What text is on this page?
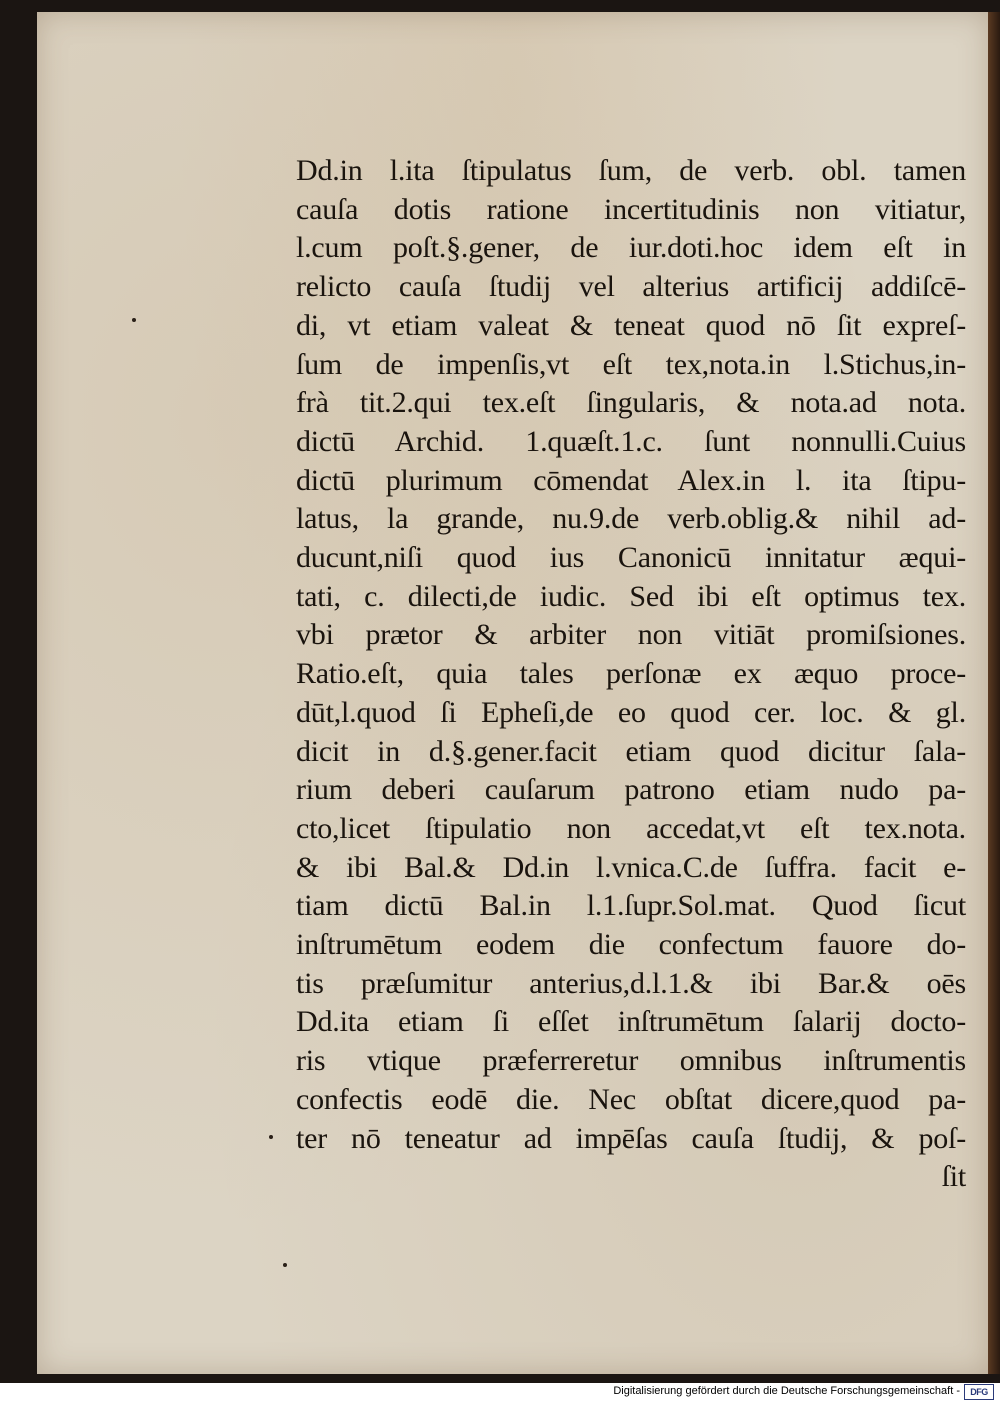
Dd.in l.ita ſtipulatus ſum, de verb. obl. tamen
cauſa dotis ratione incertitudinis non vitiatur,
l.cum poſt.§.gener, de iur.doti.hoc idem eſt in
relicto cauſa ſtudij vel alterius artificij addiſcē-
di, vt etiam valeat & teneat quod nō ſit expreſ-
ſum de impenſis,vt eſt tex,nota.in l.Stichus,in-
frà tit.2.qui tex.eſt ſingularis, & nota.ad nota.
dictū Archid. 1.quæſt.1.c. ſunt nonnulli.Cuius
dictū plurimum cōmendat Alex.in l. ita ſtipu-
latus, la grande, nu.9.de verb.oblig.& nihil ad-
ducunt,niſi quod ius Canonicū innitatur æqui-
tati, c. dilecti,de iudic. Sed ibi eſt optimus tex.
vbi prætor & arbiter non vitiāt promiſsiones.
Ratio.eſt, quia tales perſonæ ex æquo proce-
dūt,l.quod ſi Epheſi,de eo quod cer. loc. & gl.
dicit in d.§.gener.facit etiam quod dicitur ſala-
rium deberi cauſarum patrono etiam nudo pa-
cto,licet ſtipulatio non accedat,vt eſt tex.nota.
& ibi Bal.& Dd.in l.vnica.C.de ſuffra. facit e-
tiam dictū Bal.in l.1.ſupr.Sol.mat. Quod ſicut
inſtrumētum eodem die confectum fauore do-
tis præſumitur anterius,d.l.1.& ibi Bar.& oēs
Dd.ita etiam ſi eſſet inſtrumētum ſalarij docto-
ris vtique præferreretur omnibus inſtrumentis
confectis eodē die. Nec obſtat dicere,quod pa-
ter nō teneatur ad impēſas cauſa ſtudij, & poſ-
ſit
Digitalisierung gefördert durch die Deutsche Forschungsgemeinschaft -	DFG
